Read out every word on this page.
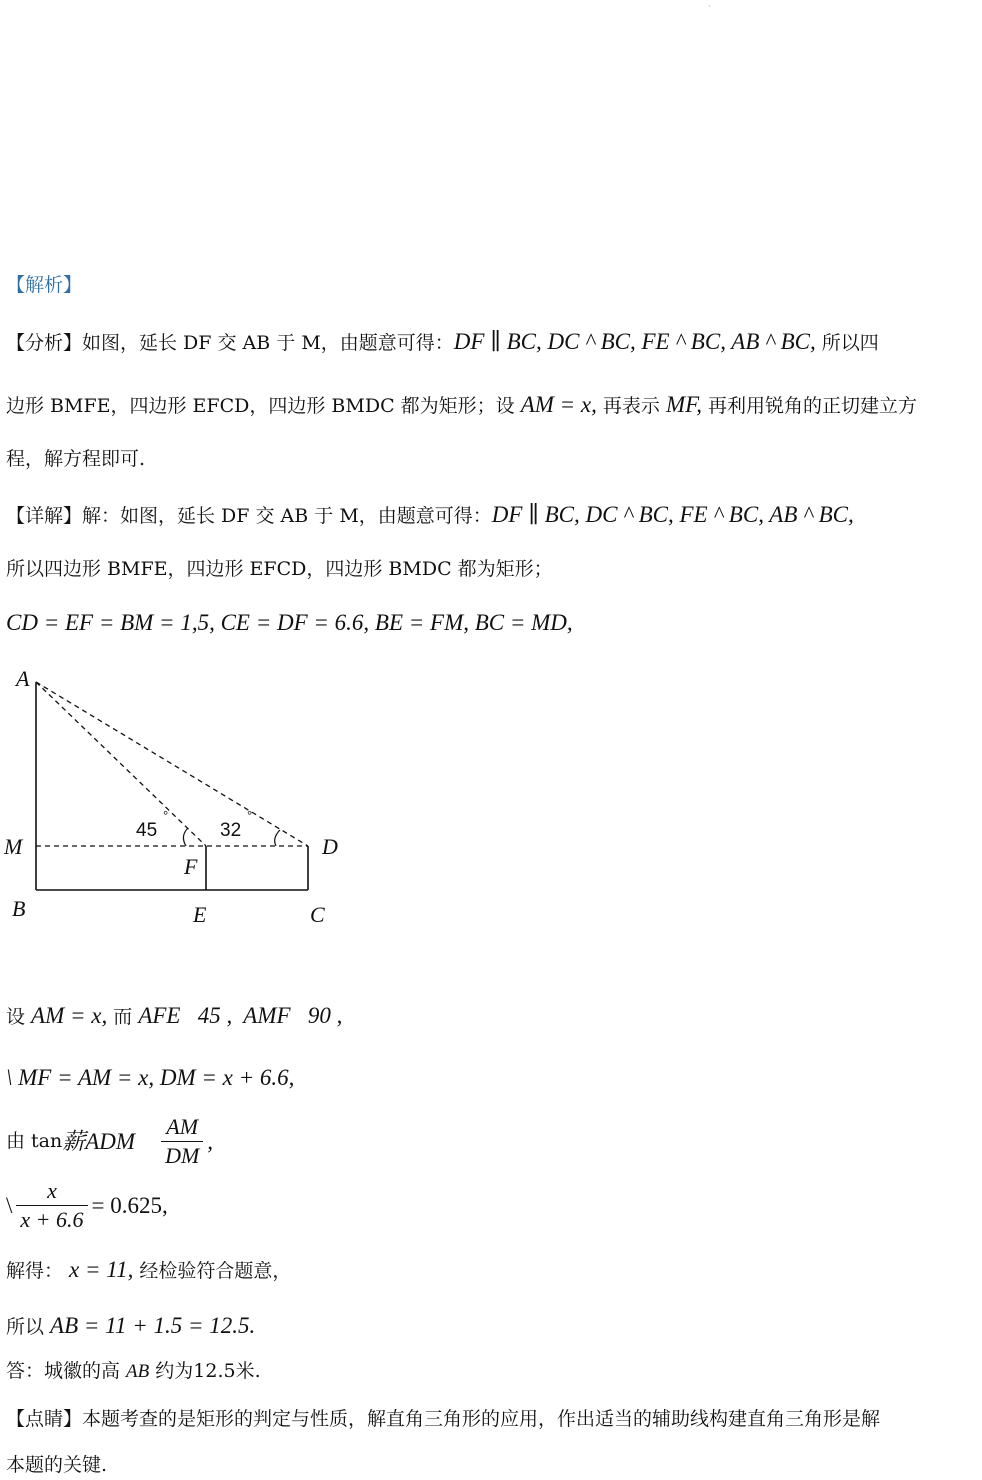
·
【解析】
【分析】如图，延长 DF 交 AB 于 M，由题意可得：DF ∥ BC, DC ^ BC, FE ^ BC, AB ^ BC, 所以四
边形 BMFE，四边形 EFCD，四边形 BMDC 都为矩形；设 AM = x, 再表示 MF, 再利用锐角的正切建立方
程，解方程即可.
【详解】解：如图，延长 DF 交 AB 于 M，由题意可得：DF ∥ BC, DC ^ BC, FE ^ BC, AB ^ BC,
所以四边形 BMFE，四边形 EFCD，四边形 BMDC 都为矩形；
CD = EF = BM = 1,5, CE = DF = 6.6, BE = FM, BC = MD,
A
M
B
F
E	C
D
45
°
32
°
设 AM = x, 而 AFE   45 ,  AMF   90 ,
\ MF = AM = x, DM = x + 6.6,
由 tan薪ADM $\frac{AM}{DM}$ ,
\ $\frac{x}{x + 6.6} = 0.625$,
解得： x = 11, 经检验符合题意，
所以 AB = 11 + 1.5 = 12.5.
答：城徽的高 AB 约为12.5米.
【点睛】本题考查的是矩形的判定与性质，解直角三角形的应用，作出适当的辅助线构建直角三角形是解
本题的关键.
